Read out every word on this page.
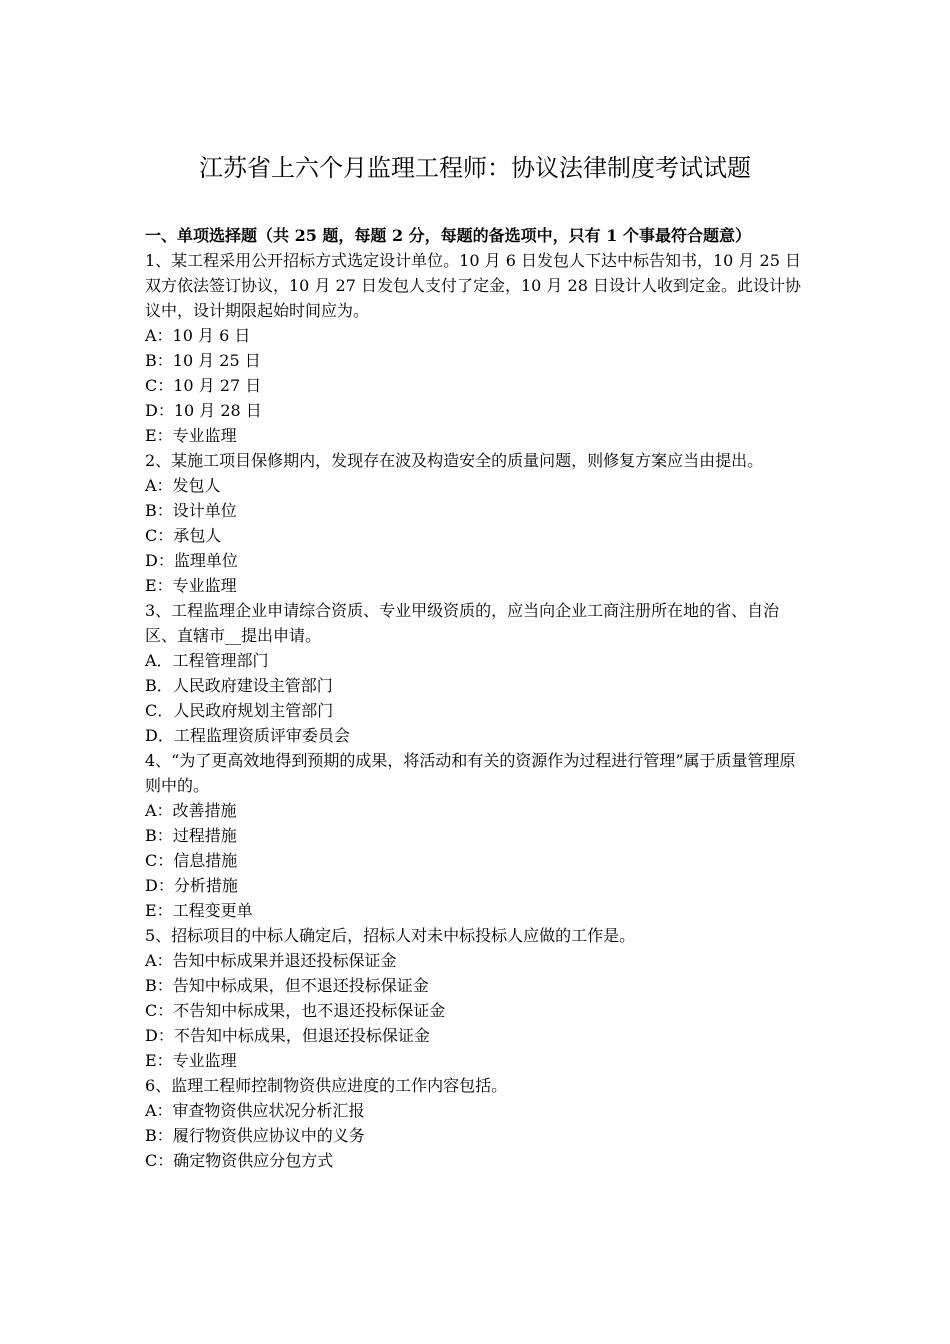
江苏省上六个月监理工程师：协议法律制度考试试题
一、单项选择题（共 25 题，每题 2 分，每题的备选项中，只有 1 个事最符合题意）
1、某工程采用公开招标方式选定设计单位。10 月 6 日发包人下达中标告知书，10 月 25 日双方依法签订协议，10 月 27 日发包人支付了定金，10 月 28 日设计人收到定金。此设计协议中，设计期限起始时间应为。
A：10 月 6 日
B：10 月 25 日
C：10 月 27 日
D：10 月 28 日
E：专业监理
2、某施工项目保修期内，发现存在波及构造安全的质量问题，则修复方案应当由提出。
A：发包人
B：设计单位
C：承包人
D：监理单位
E：专业监理
3、工程监理企业申请综合资质、专业甲级资质的，应当向企业工商注册所在地的省、自治区、直辖市__提出申请。
A．工程管理部门
B．人民政府建设主管部门
C．人民政府规划主管部门
D．工程监理资质评审委员会
4、“为了更高效地得到预期的成果，将活动和有关的资源作为过程进行管理”属于质量管理原则中的。
A：改善措施
B：过程措施
C：信息措施
D：分析措施
E：工程变更单
5、招标项目的中标人确定后，招标人对未中标投标人应做的工作是。
A：告知中标成果并退还投标保证金
B：告知中标成果，但不退还投标保证金
C：不告知中标成果，也不退还投标保证金
D：不告知中标成果，但退还投标保证金
E：专业监理
6、监理工程师控制物资供应进度的工作内容包括。
A：审查物资供应状况分析汇报
B：履行物资供应协议中的义务
C：确定物资供应分包方式
